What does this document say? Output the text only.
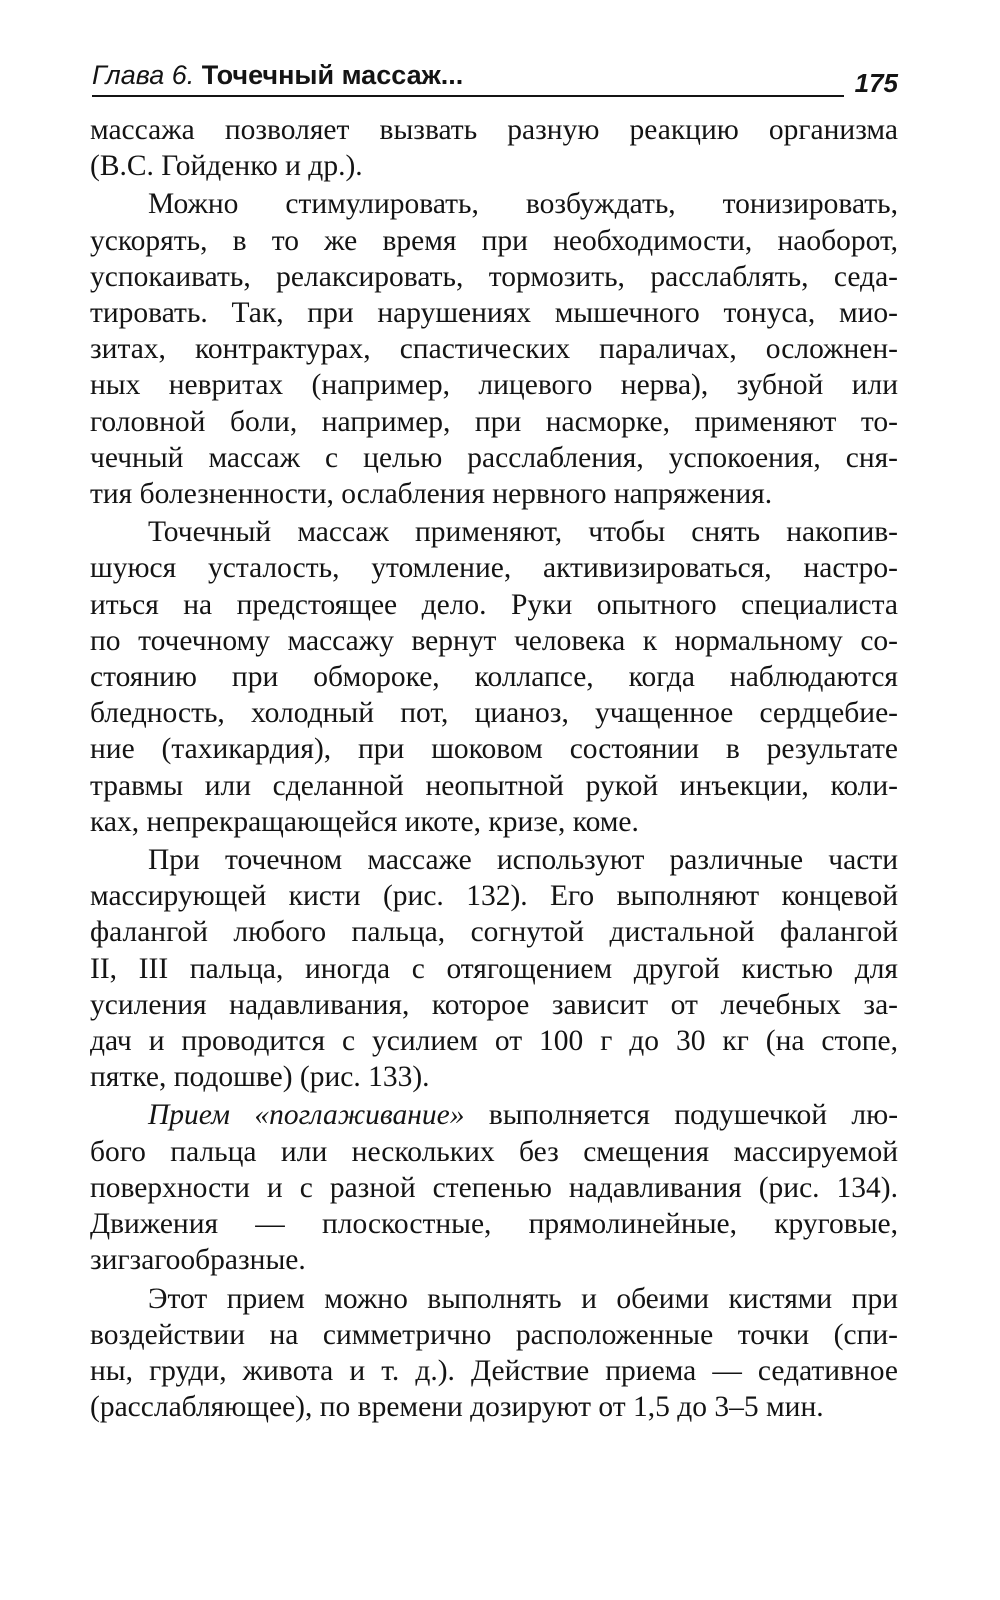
Глава 6. Точечный массаж...	175
массажа позволяет вызвать разную реакцию организма
(В.С. Гойденко и др.).
Можно стимулировать, возбуждать, тонизировать,
ускорять, в то же время при необходимости, наоборот,
успокаивать, релаксировать, тормозить, расслаблять, седа-
тировать. Так, при нарушениях мышечного тонуса, мио-
зитах, контрактурах, спастических параличах, осложнен-
ных невритах (например, лицевого нерва), зубной или
головной боли, например, при насморке, применяют то-
чечный массаж с целью расслабления, успокоения, сня-
тия болезненности, ослабления нервного напряжения.
Точечный массаж применяют, чтобы снять накопив-
шуюся усталость, утомление, активизироваться, настро-
иться на предстоящее дело. Руки опытного специалиста
по точечному массажу вернут человека к нормальному со-
стоянию при обмороке, коллапсе, когда наблюдаются
бледность, холодный пот, цианоз, учащенное сердцебие-
ние (тахикардия), при шоковом состоянии в результате
травмы или сделанной неопытной рукой инъекции, коли-
ках, непрекращающейся икоте, кризе, коме.
При точечном массаже используют различные части
массирующей кисти (рис. 132). Его выполняют концевой
фалангой любого пальца, согнутой дистальной фалангой
II, III пальца, иногда с отягощением другой кистью для
усиления надавливания, которое зависит от лечебных за-
дач и проводится с усилием от 100 г до 30 кг (на стопе,
пятке, подошве) (рис. 133).
Прием «поглаживание» выполняется подушечкой лю-
бого пальца или нескольких без смещения массируемой
поверхности и с разной степенью надавливания (рис. 134).
Движения — плоскостные, прямолинейные, круговые,
зигзагообразные.
Этот прием можно выполнять и обеими кистями при
воздействии на симметрично расположенные точки (спи-
ны, груди, живота и т. д.). Действие приема — седативное
(расслабляющее), по времени дозируют от 1,5 до 3–5 мин.
